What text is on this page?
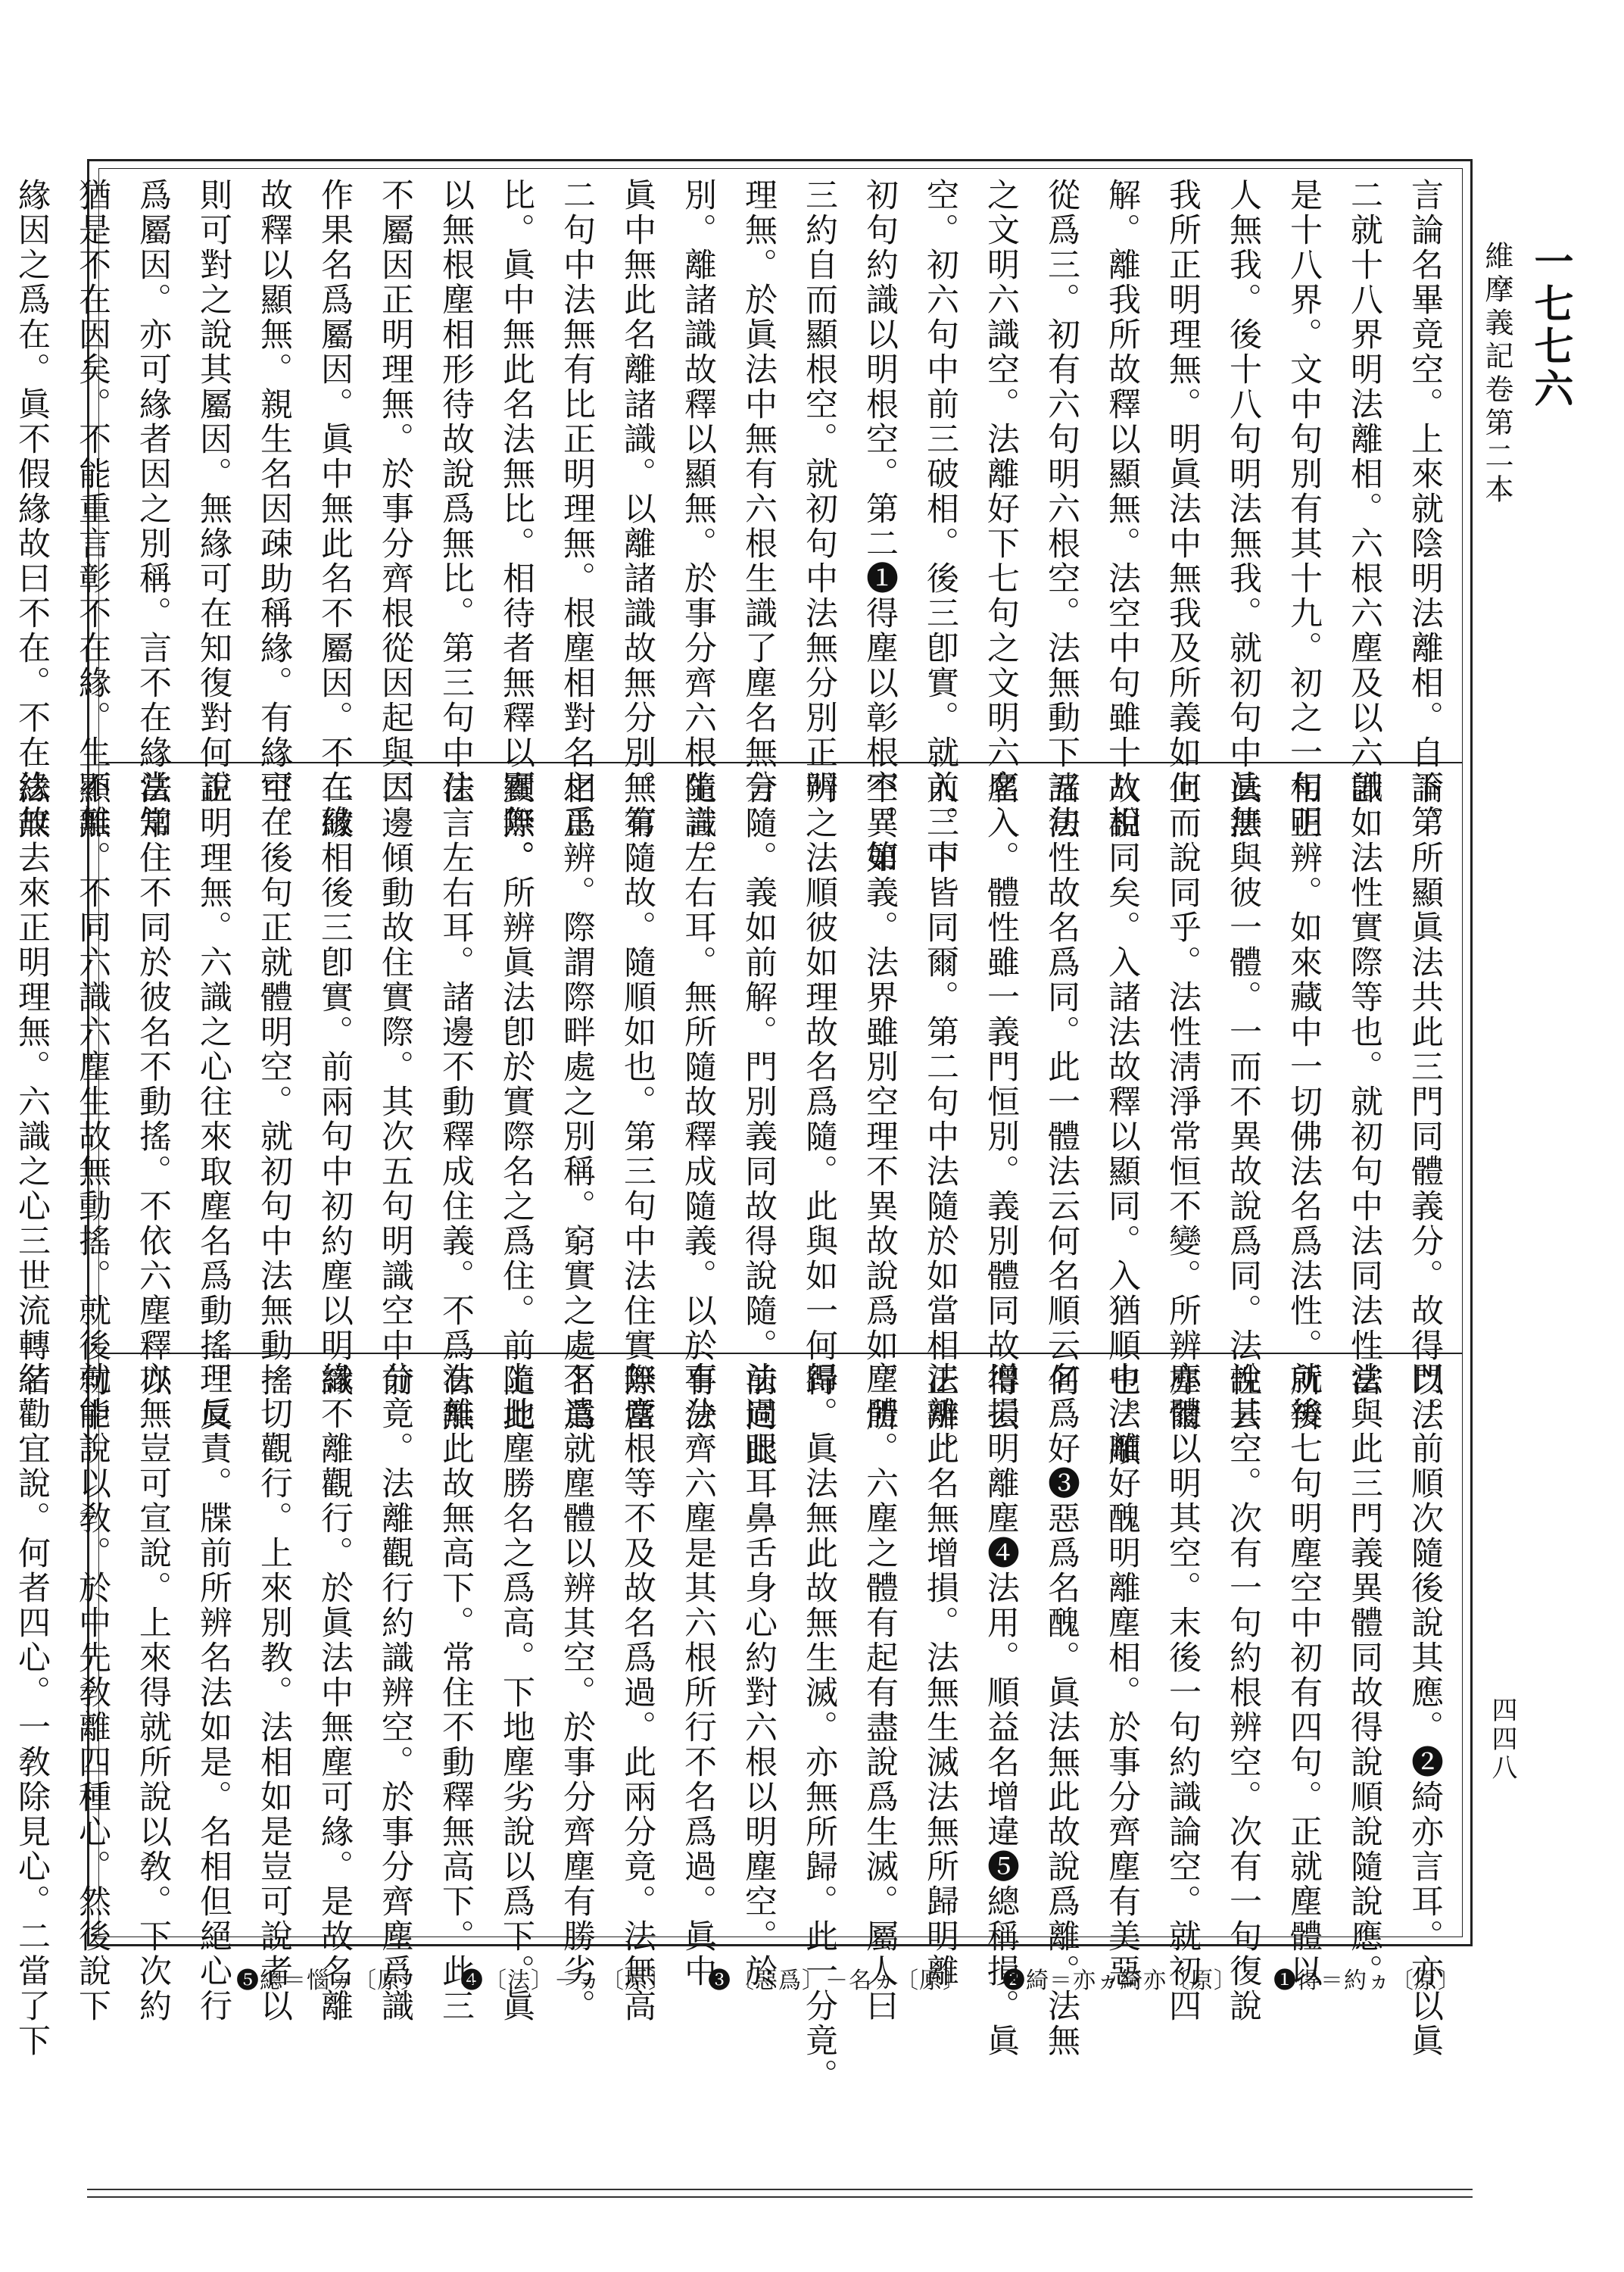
一七七六
維摩義記卷第二本
四四八
言論名畢竟空。上來就陰明法離相。自下第
二就十八界明法離相。六根六塵及以六識
是十八界。文中句別有其十九。初之一句明
人無我。後十八句明法無我。就初句中法無
我所正明理無。明眞法中無我及所義如上
解。離我所故釋以顯無。法空中句雖十八相
從爲三。初有六句明六根空。法無動下五句
之文明六識空。法離好下七句之文明六塵
空。初六句中前三破相。後三卽實。就前三中
初句約識以明根空。第二❶得塵以彰根空。第
三約自而顯根空。就初句中法無分別正明
理無。於眞法中無有六根生識了塵名無分
別。離諸識故釋以顯無。於事分齊六根生識。
眞中無此名離諸識。以離諸識故無分別。第
二句中法無有比正明理無。根塵相對名之爲
比。眞中無此名法無比。相待者無釋以顯無。
以無根塵相形待故說爲無比。第三句中法
不屬因正明理無。於事分齊根從因起與因
作果名爲屬因。眞中無此名不屬因。不在緣
故釋以顯無。親生名因疎助稱緣。有緣可在
則可對之說其屬因。無緣可在知復對何說
爲屬因。亦可緣者因之別稱。言不在緣當知
猶是不在因矣。不能重言彰不在緣。生不離
緣因之爲在。眞不假緣故曰不在。不在緣故
論。所顯眞法共此三門同體義分。故得以法
卽如法性實際等也。就初句中法同法性當
相正辨。如來藏中一切佛法名爲法性。所辨
眞法與彼一體。一而不異故說爲同。法性云
何而說同乎。法性淸淨常恒不變。所辨亦爾
故說同矣。入諸法故釋以顯同。入猶順也。順
諸法性故名爲同。此一體法云何名順云何
名入。體性雖一義門恒別。義別體同故得云
入。下皆同爾。第二句中法隨於如當相正辨。
不異如義。法界雖別空理不異故說爲如。所
辨之法順彼如理故名爲隨。此與如一何得
言隨。義如前解。門別義同故得說隨。前同此
隨言左右耳。無所隨故釋成隨義。以於有法
無有隨故。隨順如也。第三句中法住實際當
相正辨。際謂際畔處之別稱。窮實之處名爲
實際。所辨眞法卽於實際名之爲住。前隨此
住言左右耳。諸邊不動釋成住義。不爲有無
二邊傾動故住實際。其次五句明識空中前
二破相後三卽實。前兩句中初約塵以明識
空。後句正就體明空。就初句中法無動搖
正明理無。六識之心往來取塵名爲動搖。眞
法常住不同於彼名不動搖。不依六塵釋以
顯無。不同六識六塵生故無動搖。就後句中
法無去來正明理無。六識之心三世流轉名
門。前順次隨後說其應。❷綺亦言耳。亦以眞
法與此三門義異體同故得說順說隨說應。
就後七句明塵空中初有四句。正就塵體以
說其空。次有一句約根辨空。次有一句復說
塵體以明其空。末後一句約識論空。就初四
中法離好醜明離塵相。於事分齊塵有美惡
名爲好❸惡爲名醜。眞法無此故說爲離。法無
增損明離塵❹法用。順益名增違❺總稱損。眞
法離此名無增損。法無生滅法無所歸明離
塵體。六塵之體有起有盡說爲生滅。屬人曰
歸。眞法無此故無生滅。亦無所歸。此一分竟。
法過眼耳鼻舌身心約對六根以明塵空。於
事分齊六塵是其六根所行不名爲過。眞中
無塵根等不及故名爲過。此兩分竟。法無高
下遣就塵體以辨其空。於事分齊塵有勝劣。
上地塵勝名之爲高。下地塵劣說以爲下。眞
法離此故無高下。常住不動釋無高下。此三
分竟。法離觀行約識辨空。於事分齊塵爲識
緣不離觀行。於眞法中無塵可緣。是故名離
一切觀行。上來別教。法相如是豈可說者以
理反責。牒前所辨名法如是。名相但絕心行
亦無豈可宣說。上來得就所說以敎。下次約
就能說以敎。於中先敎離四種心。然後說下
結勸宜說。何者四心。一敎除見心。二當了下	❺總＝惱ヵ〔原〕 ❹〔法〕－ヵ〔原〕 ❸〔惡爲〕－名ヵ〔原〕 ❷綺＝亦ヵ綺亦〔原〕 ❶得＝約ヵ〔原〕
